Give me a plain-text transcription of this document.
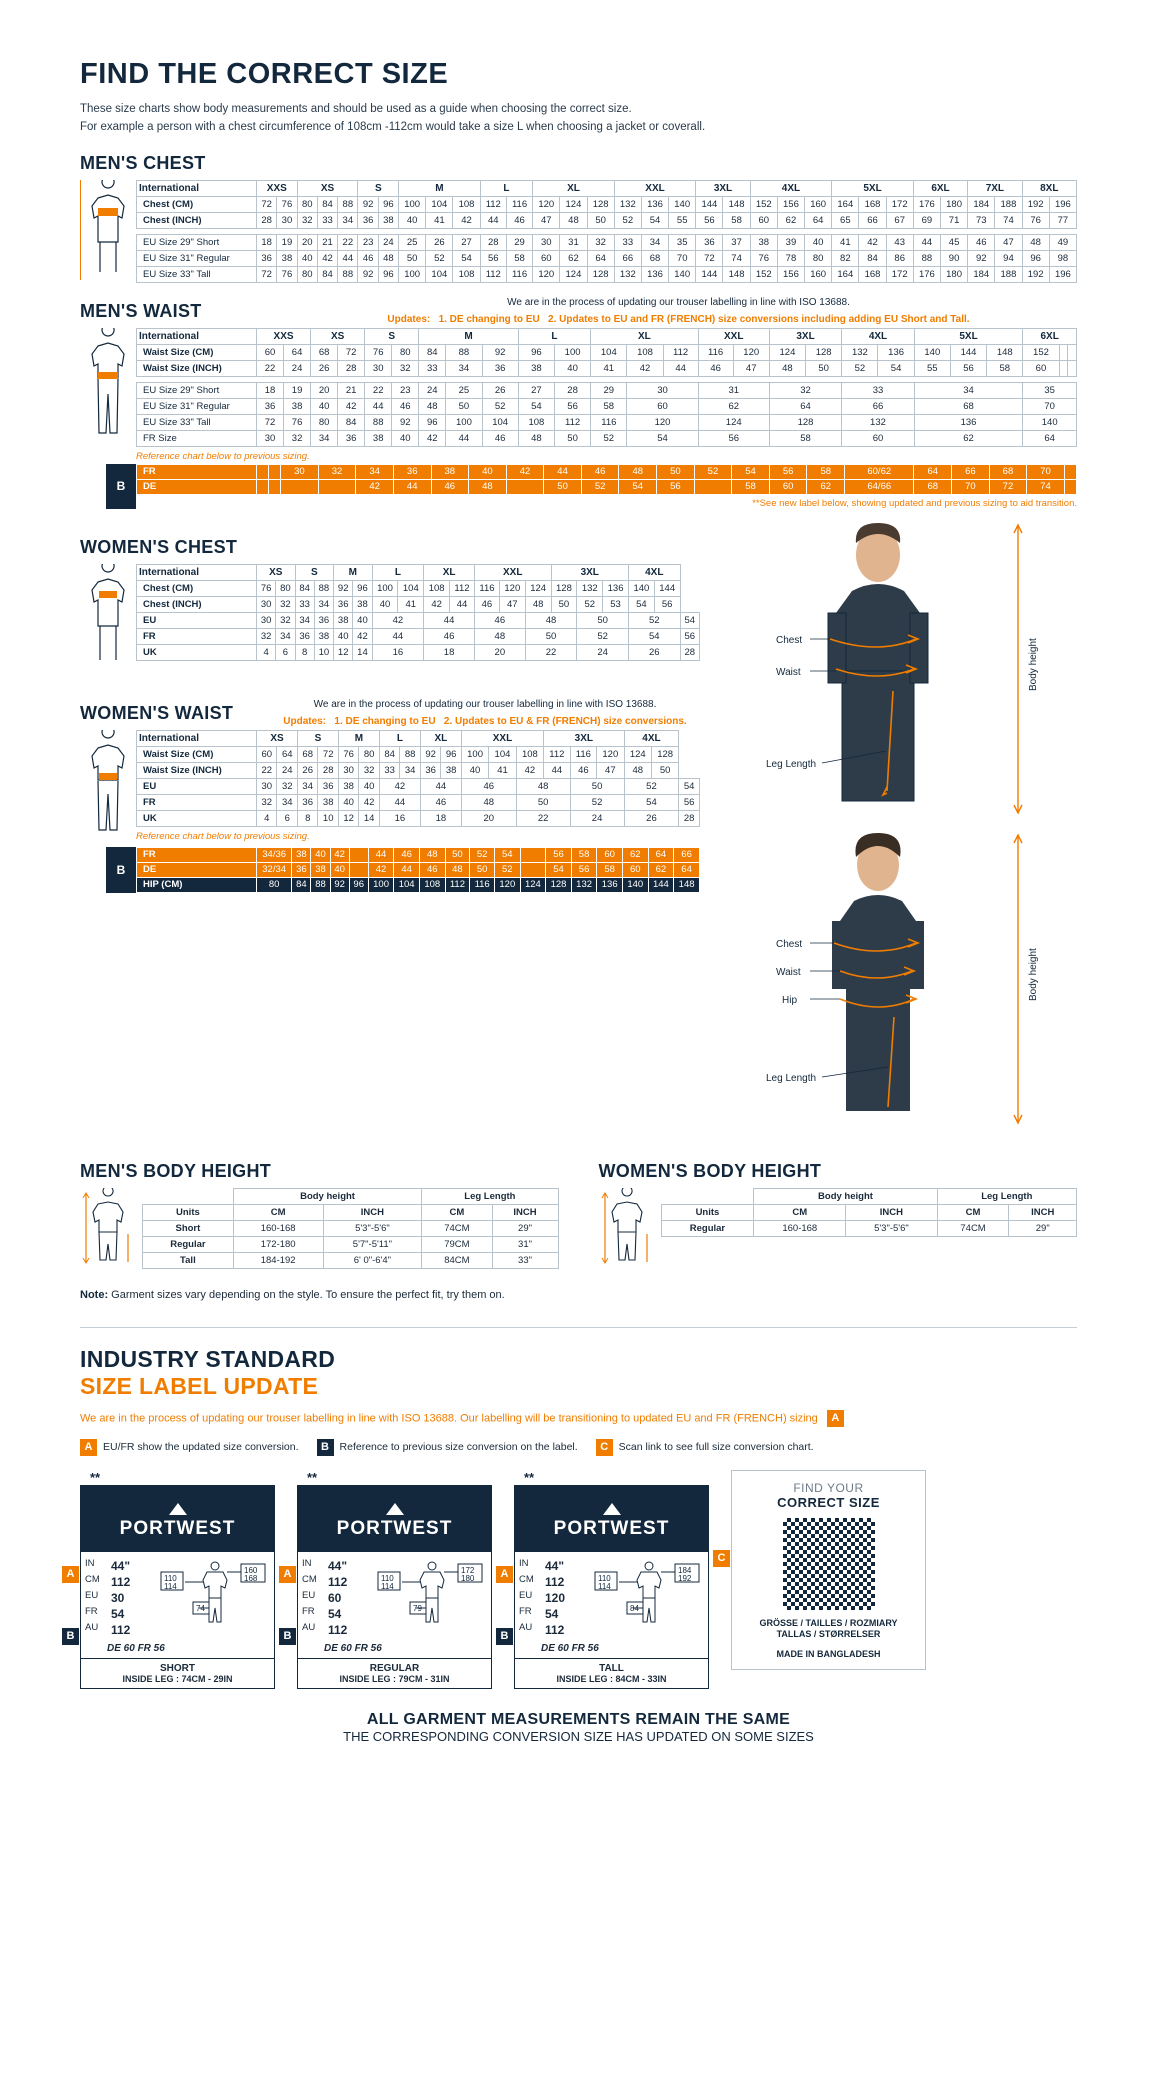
FIND THE CORRECT SIZE
These size charts show body measurements and should be used as a guide when choosing the correct size.
For example a person with a chest circumference of 108cm -112cm would take a size L when choosing a jacket or coverall.
MEN'S CHEST
International	XXS		XS			S		M			L		XL			XXL			3XL		4XL			5XL			6XL		7XL		8XL	
Chest (CM)	72	76	80	84	88	92	96	100	104	108	112	116	120	124	128	132	136	140	144	148	152	156	160	164	168	172	176	180	184	188	192	196
Chest (INCH)	28	30	32	33	34	36	38	40	41	42	44	46	47	48	50	52	54	55	56	58	60	62	64	65	66	67	69	71	73	74	76	77

EU Size 29" Short	18	19	20	21	22	23	24	25	26	27	28	29	30	31	32	33	34	35	36	37	38	39	40	41	42	43	44	45	46	47	48	49
EU Size 31" Regular	36	38	40	42	44	46	48	50	52	54	56	58	60	62	64	66	68	70	72	74	76	78	80	82	84	86	88	90	92	94	96	98
EU Size 33" Tall	72	76	80	84	88	92	96	100	104	108	112	116	120	124	128	132	136	140	144	148	152	156	160	164	168	172	176	180	184	188	192	196
MEN'S WAIST	We are in the process of updating our trouser labelling in line with ISO 13688.
Updates: 1. DE changing to EU 2. Updates to EU and FR (FRENCH) size conversions including adding EU Short and Tall.
International	XXS		XS		S		M			L		XL			XXL		3XL		4XL		5XL			6XL		
Waist Size (CM)	60	64	68	72	76	80	84	88	92	96	100	104	108	112	116	120	124	128	132	136	140	144	148	152		
Waist Size (INCH)	22	24	26	28	30	32	33	34	36	38	40	41	42	44	46	47	48	50	52	54	55	56	58	60		

EU Size 29" Short	18	19	20	21	22	23	24	25	26	27	28	29	30		31		32		33		34			35		
EU Size 31" Regular	36	38	40	42	44	46	48	50	52	54	56	58	60		62		64		66		68			70		
EU Size 33" Tall	72	76	80	84	88	92	96	100	104	108	112	116	120		124		128		132		136			140		
FR Size	30	32	34	36	38	40	42	44	46	48	50	52	54		56		58		60		62			64		
Reference chart below to previous sizing.
B
FR			30	32	34	36	38	40	42	44	46	48	50	52	54	56	58	60/62	64	66	68	70	
DE					42	44	46	48		50	52	54	56		58	60	62	64/66	68	70	72	74	
**See new label below, showing updated and previous sizing to aid transition.
WOMEN'S CHEST
International	XS		S		M		L		XL		XXL			3XL			4XL		
Chest (CM)	76	80	84	88	92	96	100	104	108	112	116	120	124	128	132	136	140	144	
Chest (INCH)	30	32	33	34	36	38	40	41	42	44	46	47	48	50	52	53	54	56	
EU	30	32	34	36	38	40	42		44		46		48		50		52		54
FR	32	34	36	38	40	42	44		46		48		50		52		54		56
UK	4	6	8	10	12	14	16		18		20		22		24		26		28
WOMEN'S WAIST	We are in the process of updating our trouser labelling in line with ISO 13688.
Updates: 1. DE changing to EU 2. Updates to EU & FR (FRENCH) size conversions.
International	XS		S		M		L		XL		XXL			3XL			4XL		
Waist Size (CM)	60	64	68	72	76	80	84	88	92	96	100	104	108	112	116	120	124	128	
Waist Size (INCH)	22	24	26	28	30	32	33	34	36	38	40	41	42	44	46	47	48	50	
EU	30	32	34	36	38	40	42		44		46		48		50		52		54
FR	32	34	36	38	40	42	44		46		48		50		52		54		56
UK	4	6	8	10	12	14	16		18		20		22		24		26		28
Reference chart below to previous sizing.
B
FR	34/36	38	40	42		44	46	48	50	52	54		56	58	60	62	64	66
DE	32/34	36	38	40		42	44	46	48	50	52		54	56	58	60	62	64
HIP (CM)	80	84	88	92	96	100	104	108	112	116	120	124	128	132	136	140	144	148
Chest
Waist
Leg Length
Body height
Chest
Waist
Hip
Leg Length
Body height
MEN'S BODY HEIGHT
	Body height		Leg Length	
Units	CM	INCH	CM	INCH
Short	160-168	5'3"-5'6"	74CM	29"
Regular	172-180	5'7"-5'11"	79CM	31"
Tall	184-192	6' 0"-6'4"	84CM	33"
WOMEN'S BODY HEIGHT
	Body height		Leg Length	
Units	CM	INCH	CM	INCH
Regular	160-168	5'3"-5'6"	74CM	29"
Note: Garment sizes vary depending on the style. To ensure the perfect fit, try them on.
INDUSTRY STANDARD
SIZE LABEL UPDATE
We are in the process of updating our trouser labelling in line with ISO 13688. Our labelling will be transitioning to updated EU and FR (FRENCH) sizing A
A	EU/FR show the updated size conversion.	B	Reference to previous size conversion on the label.	C	Scan link to see full size conversion chart.
**
PORTWEST
IN	44"
CM 112
EU	30
FR	54
AU	112
110
114
160
168
74
DE 60 FR 56
SHORT
INSIDE LEG : 74CM - 29IN
A
B
**
PORTWEST
IN	44"
CM 112
EU	60
FR	54
AU	112
110
114
172
180
79
DE 60 FR 56
REGULAR
INSIDE LEG : 79CM - 31IN
A
B
**
PORTWEST
IN	44"
CM 112
EU	120
FR	54
AU	112
110
114
184
192
84
DE 60 FR 56
TALL
INSIDE LEG : 84CM - 33IN
A
B
C
FIND YOUR
CORRECT SIZE
GRÖSSE / TAILLES / ROZMIARY
TALLAS / STØRRELSER
MADE IN BANGLADESH
ALL GARMENT MEASUREMENTS REMAIN THE SAME
THE CORRESPONDING CONVERSION SIZE HAS UPDATED ON SOME SIZES
